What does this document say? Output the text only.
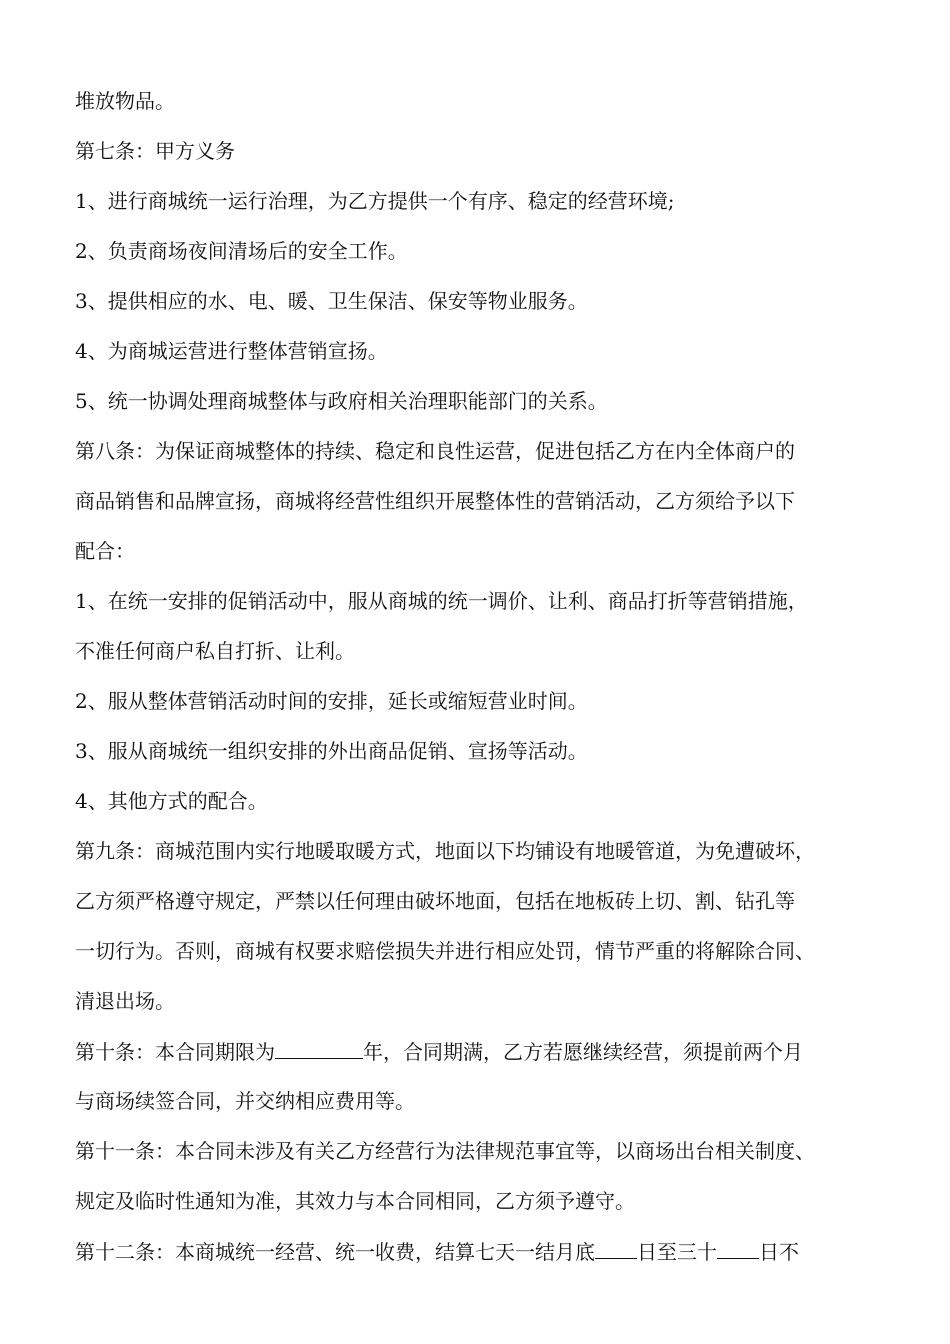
堆放物品。
第七条：甲方义务
1、进行商城统一运行治理，为乙方提供一个有序、稳定的经营环境;
2、负责商场夜间清场后的安全工作。
3、提供相应的水、电、暖、卫生保洁、保安等物业服务。
4、为商城运营进行整体营销宣扬。
5、统一协调处理商城整体与政府相关治理职能部门的关系。
第八条：为保证商城整体的持续、稳定和良性运营，促进包括乙方在内全体商户的
商品销售和品牌宣扬，商城将经营性组织开展整体性的营销活动，乙方须给予以下
配合：
1、在统一安排的促销活动中，服从商城的统一调价、让利、商品打折等营销措施，
不准任何商户私自打折、让利。
2、服从整体营销活动时间的安排，延长或缩短营业时间。
3、服从商城统一组织安排的外出商品促销、宣扬等活动。
4、其他方式的配合。
第九条：商城范围内实行地暖取暖方式，地面以下均铺设有地暖管道，为免遭破坏，
乙方须严格遵守规定，严禁以任何理由破坏地面，包括在地板砖上切、割、钻孔等
一切行为。否则，商城有权要求赔偿损失并进行相应处罚，情节严重的将解除合同、
清退出场。
第十条：本合同期限为	年，合同期满，乙方若愿继续经营，须提前两个月
与商场续签合同，并交纳相应费用等。
第十一条：本合同未涉及有关乙方经营行为法律规范事宜等，以商场出台相关制度、
规定及临时性通知为准，其效力与本合同相同，乙方须予遵守。
第十二条：本商城统一经营、统一收费，结算七天一结月底 日至三十 日不
